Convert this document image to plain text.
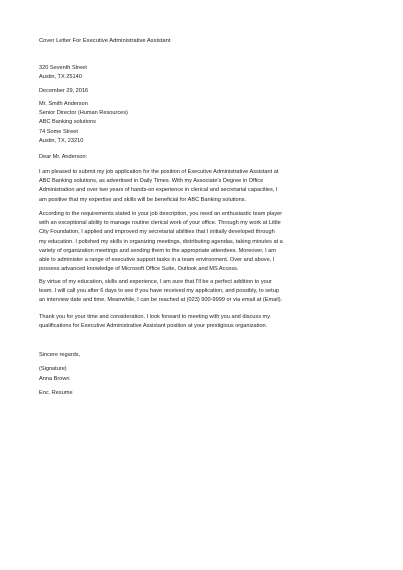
Cover Letter For Executive Administrative Assistant
320 Seventh Street
Austin, TX 25140
December 29, 2016
Mr. Smith Anderson
Senior Director (Human Resources)
ABC Banking solutions
74 Some Street
Austin, TX, 23210
Dear Mr. Anderson:
I am pleased to submit my job application for the position of Executive Administrative Assistant at
ABC Banking solutions, as advertised in Daily Times. With my Associate's Degree in Office
Administration and over two years of hands-on experience in clerical and secretarial capacities, I
am positive that my expertise and skills will be beneficial for ABC Banking solutions.
According to the requirements stated in your job description, you need an enthusiastic team player
with an exceptional ability to manage routine clerical work of your office. Through my work at Little
City Foundation, I applied and improved my secretarial abilities that I initially developed through
my education. I polished my skills in organizing meetings, distributing agendas, taking minutes at a
variety of organization meetings and sending them to the appropriate attendees. Moreover, I am
able to administer a range of executive support tasks in a team environment. Over and above, I
possess advanced knowledge of Microsoft Office Suite, Outlook and MS Access.
By virtue of my education, skills and experience, I am sure that I'll be a perfect addition to your
team. I will call you after 6 days to see if you have received my application, and possibly, to setup
an interview date and time. Meanwhile, I can be reached at (023) 900-9999 or via email at (Email).
Thank you for your time and consideration. I look forward to meeting with you and discuss my
qualifications for Executive Administrative Assistant position at your prestigious organization.
Sincere regards,
(Signature)
Anna Brown
Enc. Resume
